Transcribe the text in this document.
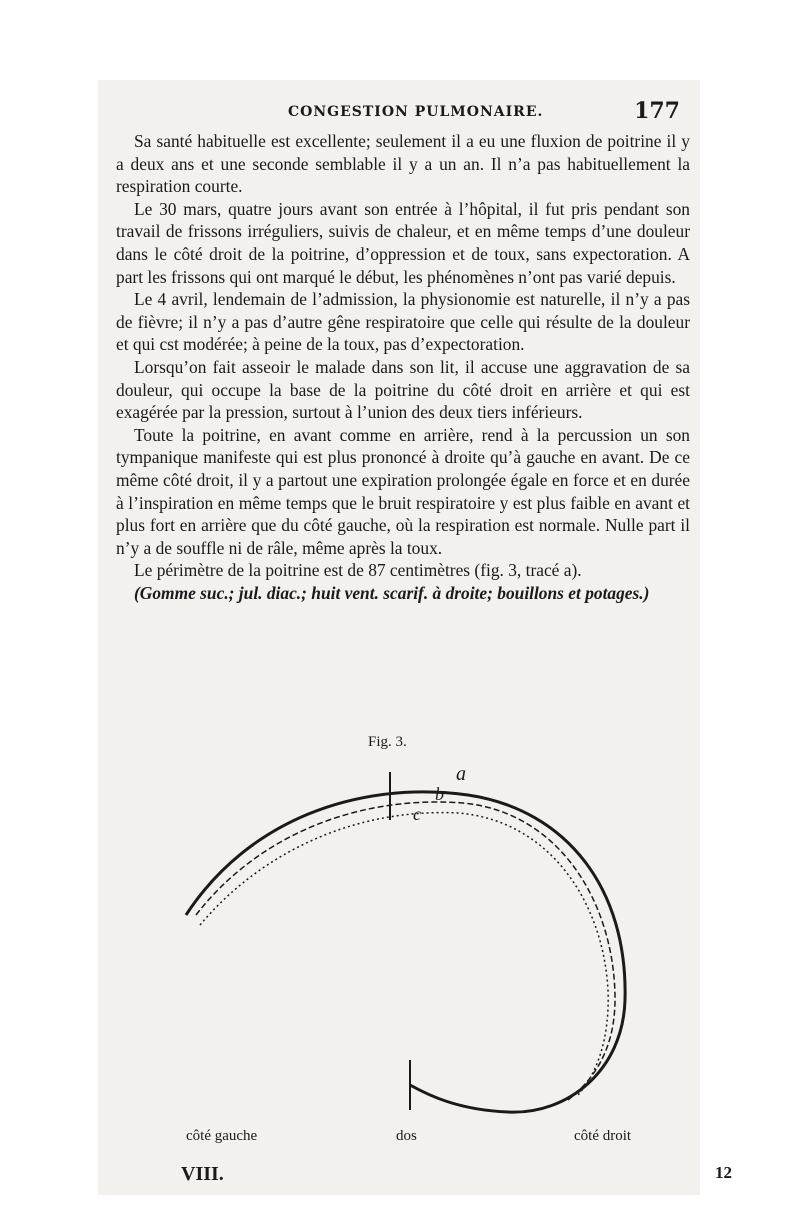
CONGESTION PULMONAIRE.	177

Sa santé habituelle est excellente; seulement il a eu une fluxion de poitrine il y a deux ans et une seconde semblable il y a un an. Il n’a pas habituellement la respiration courte.

Le 30 mars, quatre jours avant son entrée à l’hôpital, il fut pris pendant son travail de frissons irréguliers, suivis de chaleur, et en même temps d’une douleur dans le côté droit de la poitrine, d’oppression et de toux, sans expectoration. A part les frissons qui ont marqué le début, les phénomènes n’ont pas varié depuis.

Le 4 avril, lendemain de l’admission, la physionomie est naturelle, il n’y a pas de fièvre; il n’y a pas d’autre gêne respiratoire que celle qui résulte de la douleur et qui cst modérée; à peine de la toux, pas d’expectoration.

Lorsqu’on fait asseoir le malade dans son lit, il accuse une aggravation de sa douleur, qui occupe la base de la poitrine du côté droit en arrière et qui est exagérée par la pression, surtout à l’union des deux tiers inférieurs.

Toute la poitrine, en avant comme en arrière, rend à la percussion un son tympanique manifeste qui est plus prononcé à droite qu’à gauche en avant. De ce même côté droit, il y a partout une expiration prolongée égale en force et en durée à l’inspiration en même temps que le bruit respiratoire y est plus faible en avant et plus fort en arrière que du côté gauche, où la respiration est normale. Nulle part il n’y a de souffle ni de râle, même après la toux.

Le périmètre de la poitrine est de 87 centimètres (fig. 3, tracé a).

(Gomme suc.; jul. diac.; huit vent. scarif. à droite; bouillons et potages.)

Fig. 3.
a
b
c
côté gauche	dos	côté droit
VIII.	12
